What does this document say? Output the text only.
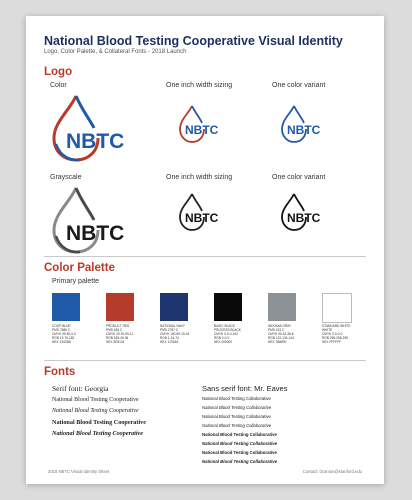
National Blood Testing Cooperative Visual Identity
Logo, Color Palette, & Collateral Fonts - 2018 Launch
Logo
Color	One inch width sizing	One color variant
NBTC	NBTC	NBTC
Grayscale	One inch width sizing	One color variant
NBTC
NBTC	NBTC
Color Palette
Primary palette
Fonts
Serif font: Georgia	Sans serif font: Mr. Eaves
National Blood Testing Cooperative
National Blood Testing Cooperative
National Blood Testing Cooperative
National Blood Testing Cooperative
National Blood Testing Collaborative
National Blood Testing Collaborative
National Blood Testing Collaborative
National Blood Testing Collaborative
National Blood Testing Collaborative
National Blood Testing Collaborative
National Blood Testing Collaborative
National Blood Testing Collaborative
2018 NBTC Visual Identity Sheet	Contact: dcanton@stanford.edu
COOP BLUE
PMS 7686 C
CMYK 99-60-0-0
RGB 19-76-182
HEX 134CB6
PRODUCT RED
PMS 484 C
CMYK 20-91-99-11
RGB 183-49-36
HEX B03124
NATIONAL NAVY
PMS 2757 C
CMYK 100-89-19-43
RGB 1-24-74
HEX 12344A
BASIC BLACK
PROCESS BLACK
CMYK 0-0-0-100
RGB 0-0-0
HEX 000000
INDOMIA GRAY
PMS 431 C
CMYK 50-42-38-6
RGB 122-134-144
HEX 7B8890
STANDARD WHITE
WHITE
CMYK 0-0-0-0
RGB 255-255-255
HEX FFFFFF
